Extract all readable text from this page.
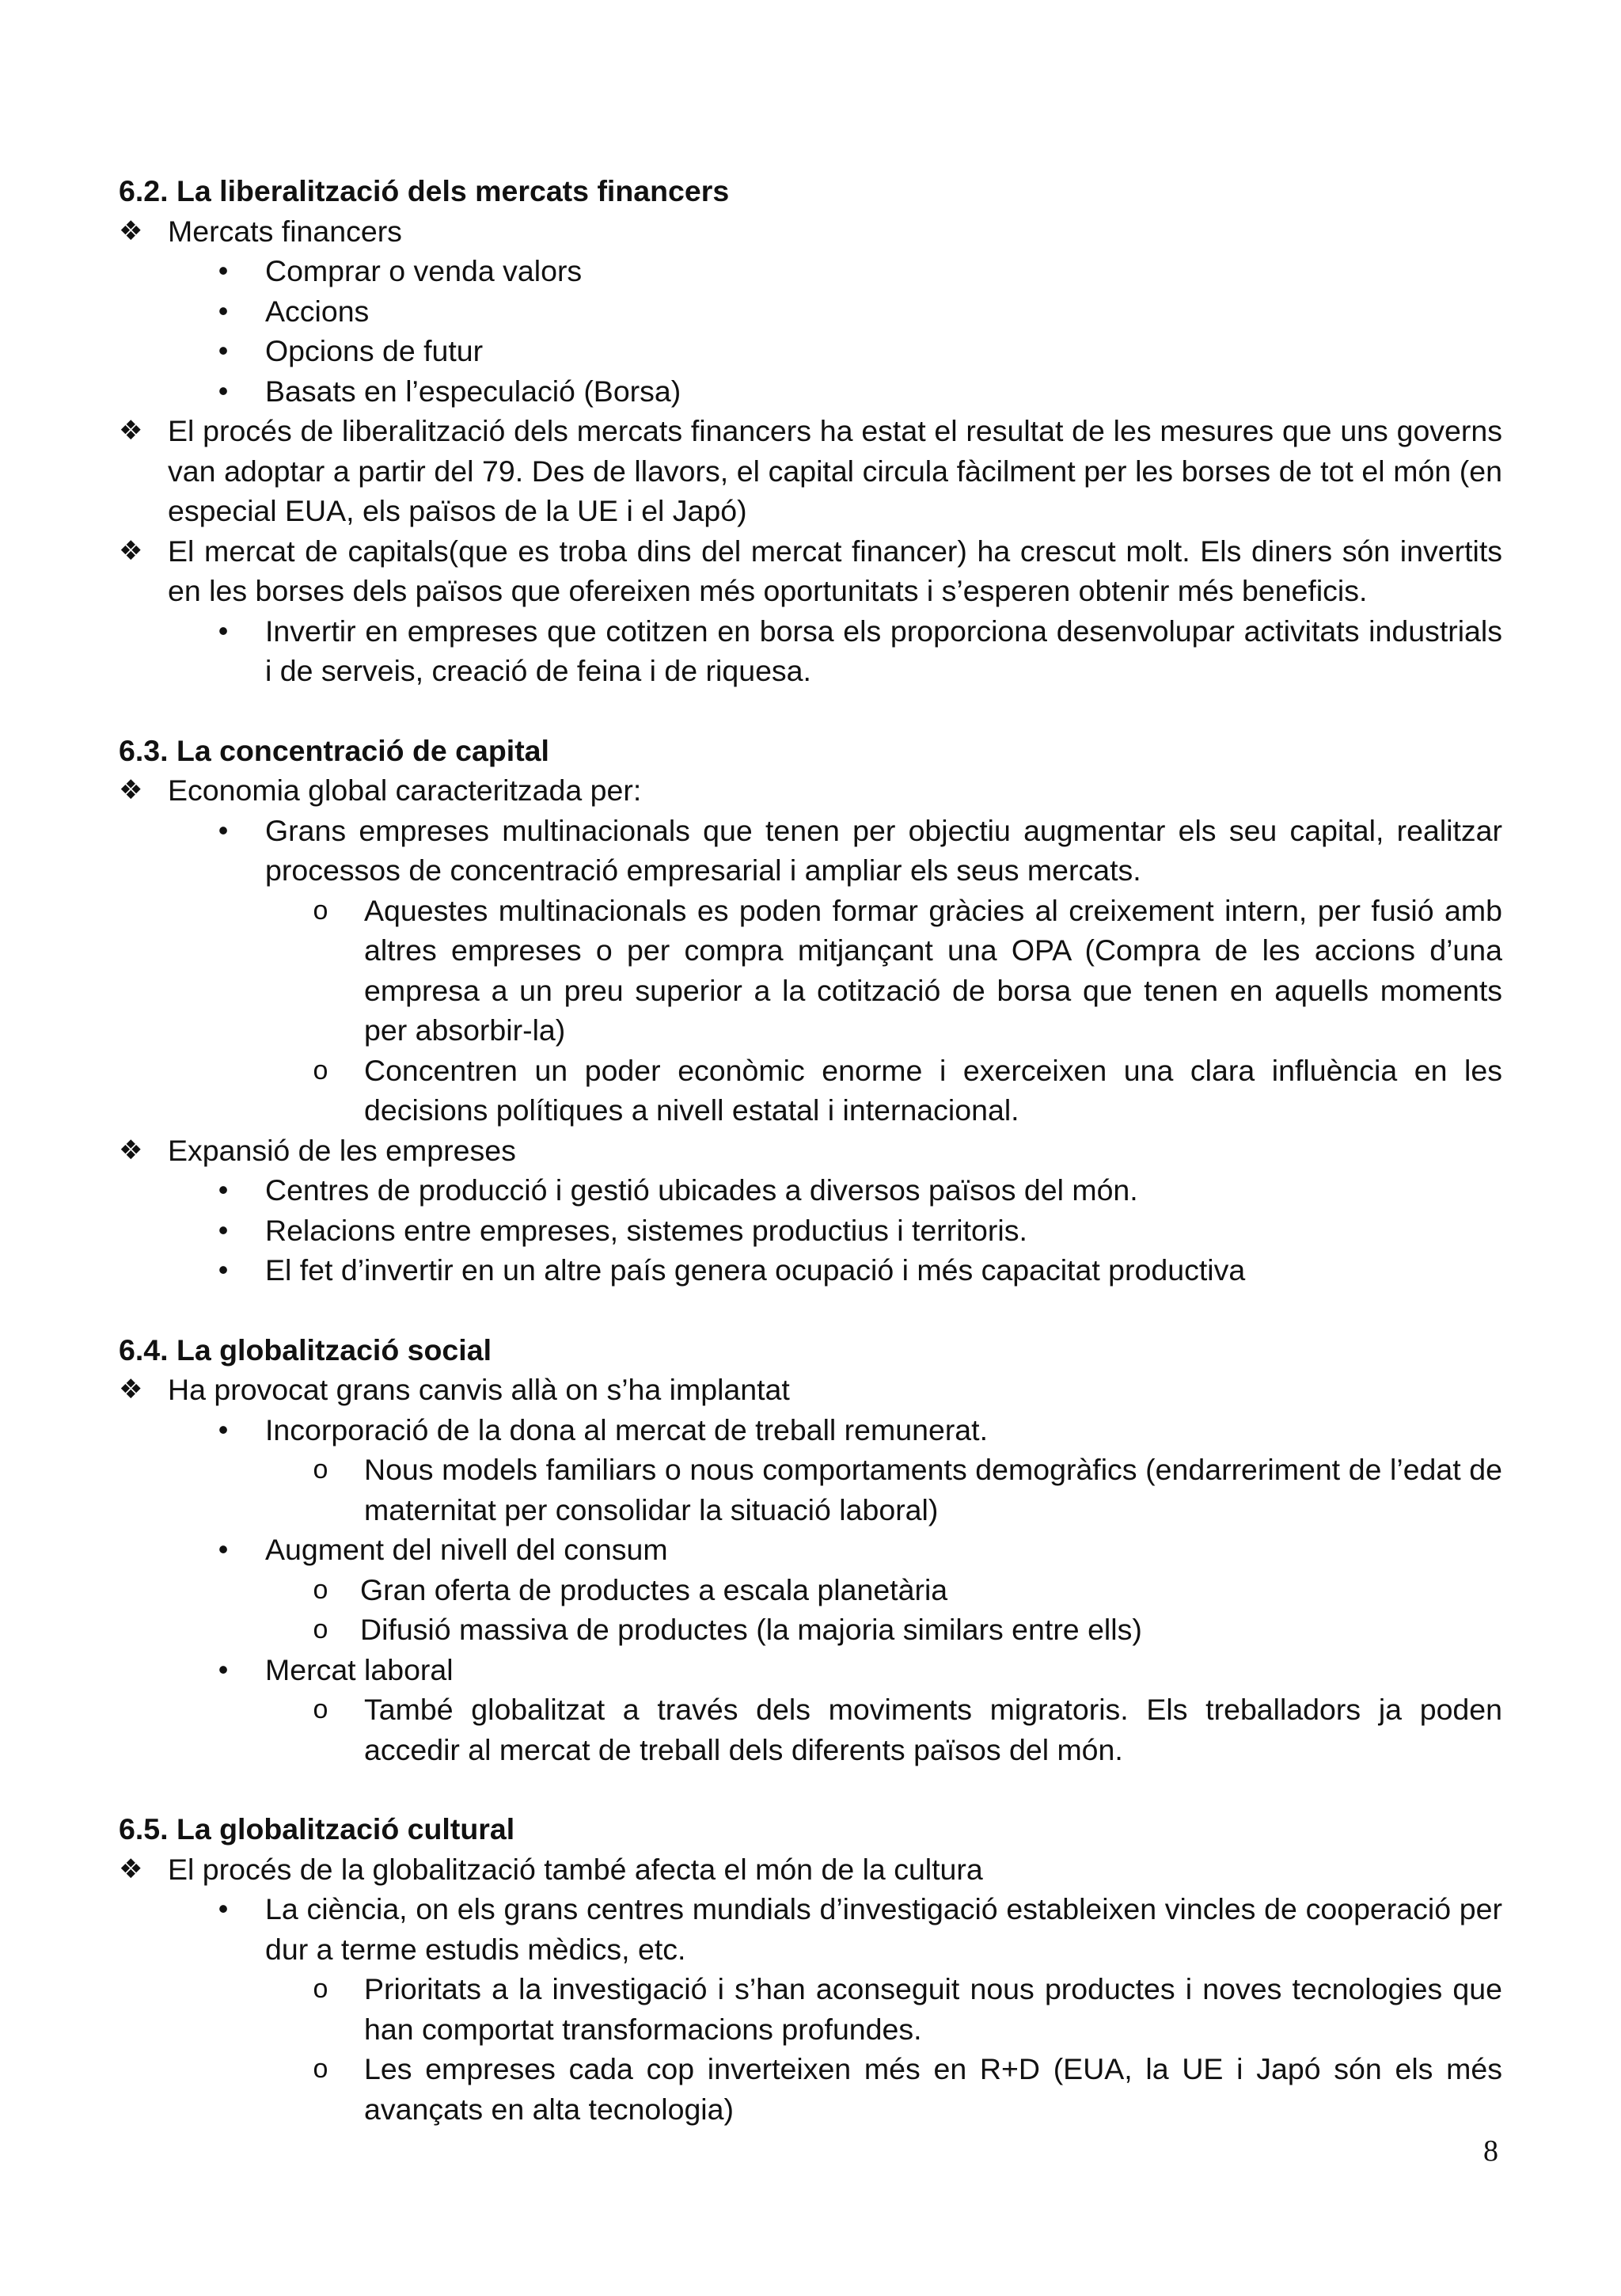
6.2. La liberalització dels mercats financers
❖ Mercats financers
• Comprar o venda valors
• Accions
• Opcions de futur
• Basats en l’especulació (Borsa)
❖ El procés de liberalització dels mercats financers ha estat el resultat de les mesures que uns governs van adoptar a partir del 79. Des de llavors, el capital circula fàcilment per les borses de tot el món (en especial EUA, els països de la UE i el Japó)
❖ El mercat de capitals(que es troba dins del mercat financer) ha crescut molt. Els diners són invertits en les borses dels països que ofereixen més oportunitats i s’esperen obtenir més beneficis.
• Invertir en empreses que cotitzen en borsa els proporciona desenvolupar activitats industrials i de serveis, creació de feina i de riquesa.
6.3. La concentració de capital
❖ Economia global caracteritzada per:
• Grans empreses multinacionals que tenen per objectiu augmentar els seu capital, realitzar processos de concentració empresarial i ampliar els seus mercats.
o Aquestes multinacionals es poden formar gràcies al creixement intern, per fusió amb altres empreses o per compra mitjançant una OPA (Compra de les accions d’una empresa a un preu superior a la cotització de borsa que tenen en aquells moments per absorbir-la)
o Concentren un poder econòmic enorme i exerceixen una clara influència en les decisions polítiques a nivell estatal i internacional.
❖ Expansió de les empreses
• Centres de producció i gestió ubicades a diversos països del món.
• Relacions entre empreses, sistemes productius i territoris.
• El fet d’invertir en un altre país genera ocupació i més capacitat productiva
6.4. La globalització social
❖ Ha provocat grans canvis allà on s’ha implantat
• Incorporació de la dona al mercat de treball remunerat.
o Nous models familiars o nous comportaments demogràfics (endarreriment de l’edat de maternitat per consolidar la situació laboral)
• Augment del nivell del consum
o Gran oferta de productes a escala planetària
o Difusió massiva de productes (la majoria similars entre ells)
• Mercat laboral
o També globalitzat a través dels moviments migratoris. Els treballadors ja poden accedir al mercat de treball dels diferents països del món.
6.5. La globalització cultural
❖ El procés de la globalització també afecta el món de la cultura
• La ciència, on els grans centres mundials d’investigació estableixen vincles de cooperació per dur a terme estudis mèdics, etc.
o Prioritats a la investigació i s’han aconseguit nous productes i noves tecnologies que han comportat transformacions profundes.
o Les empreses cada cop inverteixen més en R+D (EUA, la UE i Japó són els més avançats en alta tecnologia)
8
